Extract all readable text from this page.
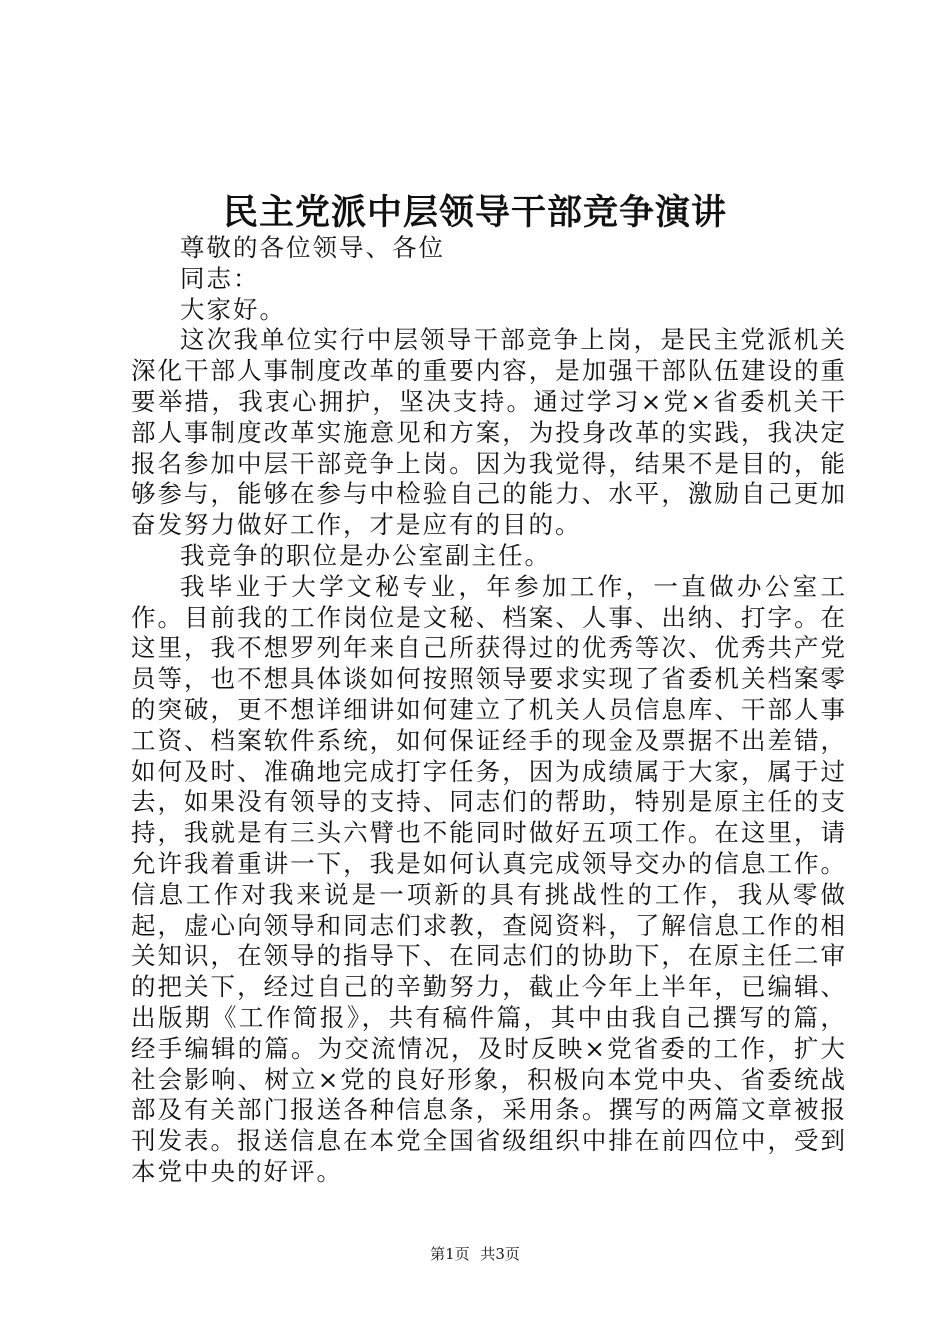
民主党派中层领导干部竞争演讲

尊敬的各位领导、各位

同志：

大家好。

这次我单位实行中层领导干部竞争上岗，是民主党派机关深化干部人事制度改革的重要内容，是加强干部队伍建设的重要举措，我衷心拥护，坚决支持。通过学习×党×省委机关干部人事制度改革实施意见和方案，为投身改革的实践，我决定报名参加中层干部竞争上岗。因为我觉得，结果不是目的，能够参与，能够在参与中检验自己的能力、水平，激励自己更加奋发努力做好工作，才是应有的目的。

我竞争的职位是办公室副主任。

我毕业于大学文秘专业，年参加工作，一直做办公室工作。目前我的工作岗位是文秘、档案、人事、出纳、打字。在这里，我不想罗列年来自己所获得过的优秀等次、优秀共产党员等，也不想具体谈如何按照领导要求实现了省委机关档案零的突破，更不想详细讲如何建立了机关人员信息库、干部人事工资、档案软件系统，如何保证经手的现金及票据不出差错，如何及时、准确地完成打字任务，因为成绩属于大家，属于过去，如果没有领导的支持、同志们的帮助，特别是原主任的支持，我就是有三头六臂也不能同时做好五项工作。在这里，请允许我着重讲一下，我是如何认真完成领导交办的信息工作。信息工作对我来说是一项新的具有挑战性的工作，我从零做起，虚心向领导和同志们求教，查阅资料，了解信息工作的相关知识，在领导的指导下、在同志们的协助下，在原主任二审的把关下，经过自己的辛勤努力，截止今年上半年，已编辑、出版期《工作简报》，共有稿件篇，其中由我自己撰写的篇，经手编辑的篇。为交流情况，及时反映×党省委的工作，扩大社会影响、树立×党的良好形象，积极向本党中央、省委统战部及有关部门报送各种信息条，采用条。撰写的两篇文章被报刊发表。报送信息在本党全国省级组织中排在前四位中，受到本党中央的好评。

第1页 共3页
